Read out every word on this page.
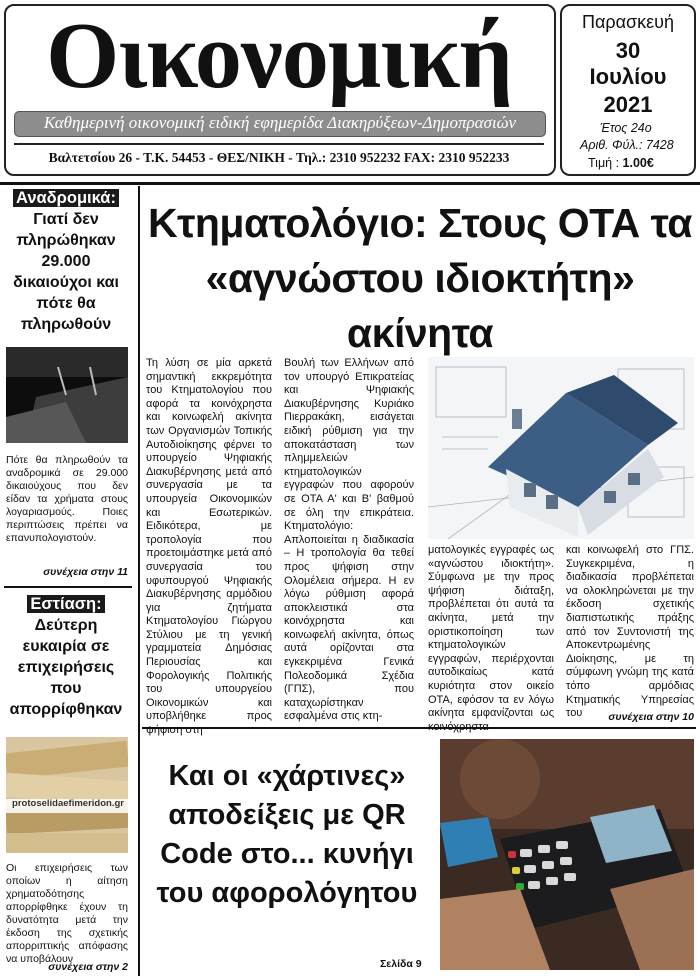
Οικονομική
Καθημερινή οικονομική ειδική εφημερίδα Διακηρύξεων-Δημοπρασιών
Βαλτετσίου 26 - Τ.Κ. 54453 - ΘΕΣ/ΝΙΚΗ - Τηλ.: 2310 952232 FAX: 2310 952233
Παρασκευή
30
Ιουλίου
2021
Έτος 24ο
Αριθ. Φύλ.: 7428
Τιμή : 1.00€
Αναδρομικά:
Γιατί δεν πληρώθηκαν 29.000 δικαιούχοι και πότε θα πληρωθούν
Πότε θα πληρωθούν τα αναδρομικά σε 29.000 δικαιούχους που δεν είδαν τα χρήματα στους λογαριασμούς. Ποιες περιπτώσεις πρέπει να επανυπολογιστούν.
συνέχεια στην 11
Εστίαση:
Δεύτερη ευκαιρία σε επιχειρήσεις που απορρίφθηκαν
protoselidaefimeridon.gr
Οι επιχειρήσεις των οποίων η αίτηση χρηματοδότησης απορρίφθηκε έχουν τη δυνατότητα μετά την έκδοση της σχετικής απορριπτικής απόφασης να υποβάλουν
συνέχεια στην 2
Κτηματολόγιο: Στους ΟΤΑ τα «αγνώστου ιδιοκτήτη» ακίνητα
Τη λύση σε μία αρκετά σημαντική εκκρεμότητα του Κτηματολογίου που αφορά τα κοινόχρηστα και κοινωφελή ακίνητα των Οργανισμών Τοπικής Αυτοδιοίκησης φέρνει το υπουργείο Ψηφιακής Διακυβέρνησης μετά από συνεργασία με τα υπουργεία Οικονομικών και Εσωτερικών. Ειδικότερα, με τροπολογία που προετοιμάστηκε μετά από συνεργασία του υφυπουργού Ψηφιακής Διακυβέρνησης αρμόδιου για ζητήματα Κτηματολογίου Γιώργου Στύλιου με τη γενική γραμματεία Δημόσιας Περιουσίας και Φορολογικής Πολιτικής του υπουργείου Οικονομικών και υποβλήθηκε προς ψήφιση στη
Βουλή των Ελλήνων από τον υπουργό Επικρατείας και Ψηφιακής Διακυβέρνησης Κυριάκο Πιερρακάκη, εισάγεται ειδική ρύθμιση για την αποκατάσταση των πλημμελειών κτηματολογικών εγγραφών που αφορούν σε ΟΤΑ Α' και Β' βαθμού σε όλη την επικράτεια. Κτηματολόγιο: Απλοποιείται η διαδικασία – Η τροπολογία θα τεθεί προς ψήφιση στην Ολομέλεια σήμερα. Η εν λόγω ρύθμιση αφορά αποκλειστικά στα κοινόχρηστα και κοινωφελή ακίνητα, όπως αυτά ορίζονται στα εγκεκριμένα Γενικά Πολεοδομικά Σχέδια (ΓΠΣ), που καταχωρίστηκαν εσφαλμένα στις κτη-
ματολογικές εγγραφές ως «αγνώστου ιδιοκτήτη». Σύμφωνα με την προς ψήφιση διάταξη, προβλέπεται ότι αυτά τα ακίνητα, μετά την οριστικοποίηση των κτηματολογικών εγγραφών, περιέρχονται αυτοδικαίως κατά κυριότητα στον οικείο ΟΤΑ, εφόσον τα εν λόγω ακίνητα εμφανίζονται ως κοινόχρηστα
και κοινωφελή στο ΓΠΣ. Συγκεκριμένα, η διαδικασία προβλέπεται να ολοκληρώνεται με την έκδοση σχετικής διαπιστωτικής πράξης από τον Συντονιστή της Αποκεντρωμένης Διοίκησης, με τη σύμφωνη γνώμη της κατά τόπο αρμόδιας Κτηματικής Υπηρεσίας του	συνέχεια στην 10
Και οι «χάρτινες» αποδείξεις με QR Code στο... κυνήγι του αφορολόγητου
Σελίδα 9
